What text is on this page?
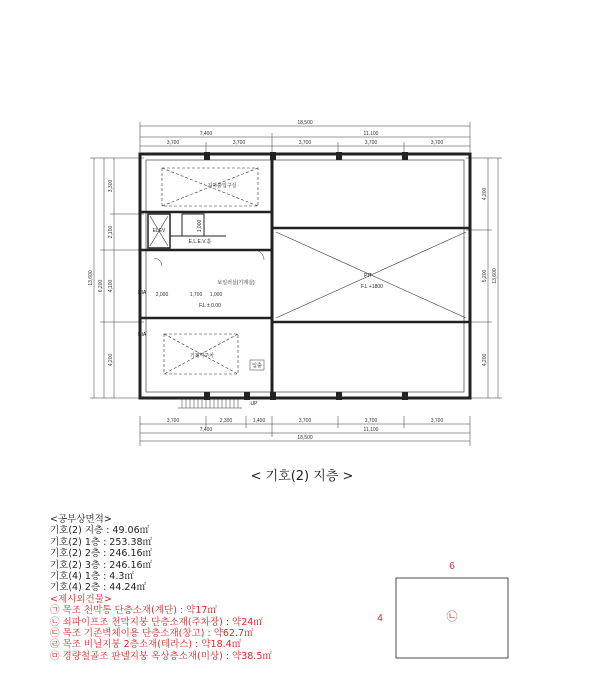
18,500
7,400	11,100
3,700	3,700	3,700	3,700	3,700
3,700	2,300	1,400	3,700	3,700	3,700
7,400	11,100
18,500
13,600
6,200
3,300
2,100
4,100
4,200
4,200
5,200
4,200
13,600
지하출입구실
ELEV	1,000
E.L.E.V.홀
보일러실(기계실)
2,000	1,700 1,000
F.L ± 0.00
기계식주차
PIT
F.L +1800
DIA
DIA
입출
UP
< 기호(2) 지층 >
<공부상면적>
기호(2) 지층 : 49.06㎡
기호(2) 1층 : 253.38㎡
기호(2) 2층 : 246.16㎡
기호(2) 3층 : 246.16㎡
기호(4) 1층 : 4.3㎡
기호(4) 2층 : 44.24㎡
<제시외건물>
㉠ 목조 천막통 단층소재(계단) : 약17㎡
㉡ 쇠파이프조 천막지붕 단층소재(주차장) : 약24㎡
㉢ 목조 기존벽체이용 단층소재(창고) : 약62.7㎡
㉣ 목조 비닐지붕 2층소재(테라스) : 약18.4㎡
㉤ 경량철골조 판넬지붕 옥상층소재(미상) : 약38.5㎡
6
4	㉡
